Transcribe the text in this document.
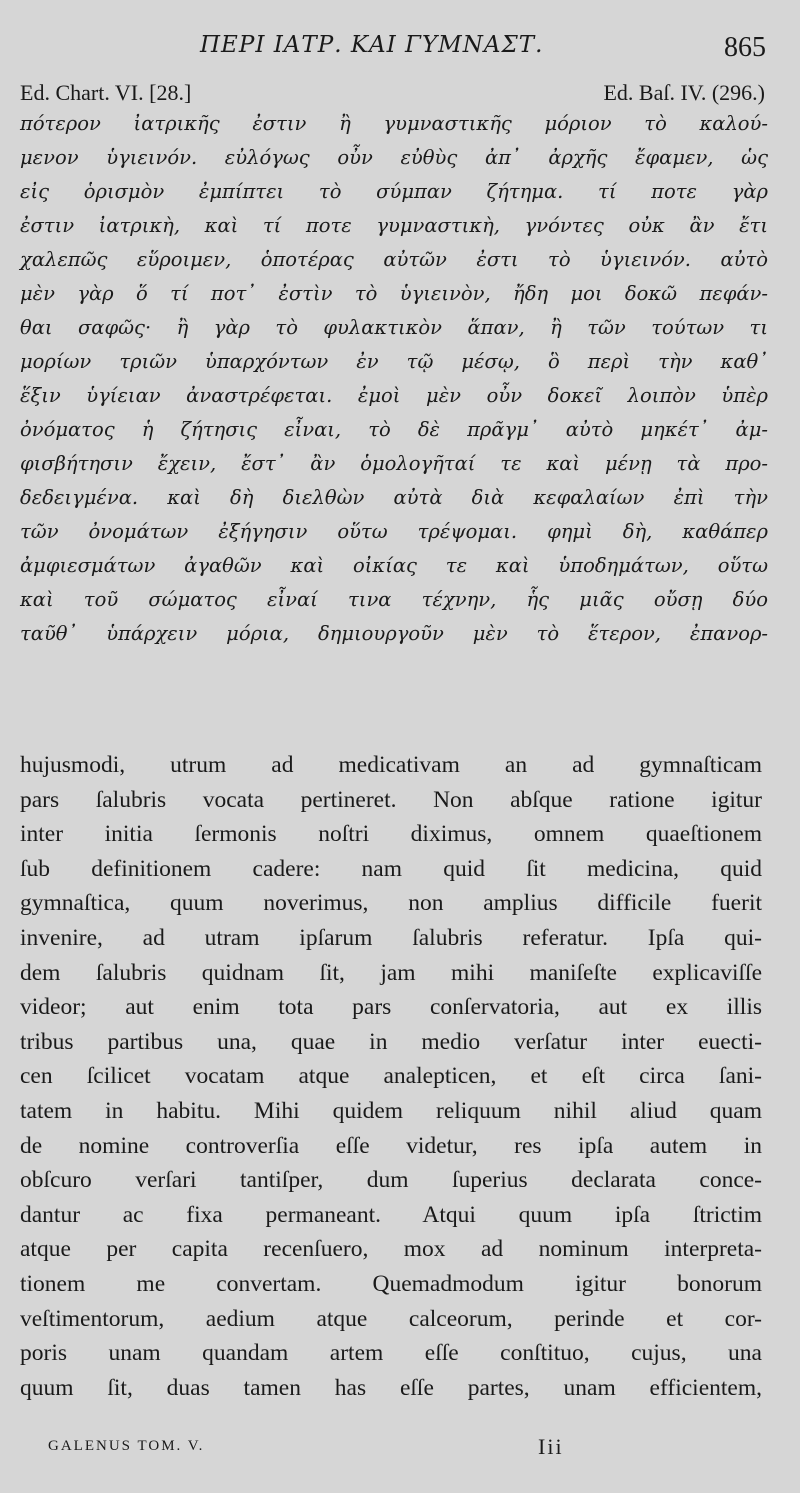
ΠΕΡΙ ΙΑΤΡ. ΚΑΙ ΓΥΜΝΑΣΤ.	865
Ed. Chart. VI. [28.]	Ed. Baſ. IV. (296.)
πότερον ἰατρικῆς ἐστιν ἢ γυμναστικῆς μόριον τὸ καλού-
μενον ὑγιεινόν. εὐλόγως οὖν εὐθὺς ἀπ᾽ ἀρχῆς ἔφαμεν, ὡς
εἰς ὁρισμὸν ἐμπίπτει τὸ σύμπαν ζήτημα. τί ποτε γὰρ
ἐστιν ἰατρικὴ, καὶ τί ποτε γυμναστικὴ, γνόντες οὐκ ἂν ἔτι
χαλεπῶς εὕροιμεν, ὁποτέρας αὐτῶν ἐστι τὸ ὑγιεινόν. αὐτὸ
μὲν γὰρ ὅ τί ποτ᾽ ἐστὶν τὸ ὑγιεινὸν, ἤδη μοι δοκῶ πεφάν-
θαι σαφῶς· ἢ γὰρ τὸ φυλακτικὸν ἅπαν, ἢ τῶν τούτων τι
μορίων τριῶν ὑπαρχόντων ἐν τῷ μέσῳ, ὃ περὶ τὴν καθ᾽
ἕξιν ὑγίειαν ἀναστρέφεται. ἐμοὶ μὲν οὖν δοκεῖ λοιπὸν ὑπὲρ
ὀνόματος ἡ ζήτησις εἶναι, τὸ δὲ πρᾶγμ᾽ αὐτὸ μηκέτ᾽ ἀμ-
φισβήτησιν ἔχειν, ἔστ᾽ ἂν ὁμολογῆταί τε καὶ μένῃ τὰ προ-
δεδειγμένα. καὶ δὴ διελθὼν αὐτὰ διὰ κεφαλαίων ἐπὶ τὴν
τῶν ὀνομάτων ἐξήγησιν οὕτω τρέψομαι. φημὶ δὴ, καθάπερ
ἀμφιεσμάτων ἀγαθῶν καὶ οἰκίας τε καὶ ὑποδημάτων, οὕτω
καὶ τοῦ σώματος εἶναί τινα τέχνην, ἧς μιᾶς οὔσῃ δύο
ταῦθ᾽ ὑπάρχειν μόρια, δημιουργοῦν μὲν τὸ ἕτερον, ἐπανορ-
hujusmodi, utrum ad medicativam an ad gymnaſticam
pars ſalubris vocata pertineret. Non abſque ratione igitur
inter initia ſermonis noſtri diximus, omnem quaeſtionem
ſub definitionem cadere: nam quid ſit medicina, quid
gymnaſtica, quum noverimus, non amplius difficile fuerit
invenire, ad utram ipſarum ſalubris referatur. Ipſa qui-
dem ſalubris quidnam ſit, jam mihi maniſeſte explicaviſſe
videor; aut enim tota pars conſervatoria, aut ex illis
tribus partibus una, quae in medio verſatur inter euecti-
cen ſcilicet vocatam atque analepticen, et eſt circa ſani-
tatem in habitu. Mihi quidem reliquum nihil aliud quam
de nomine controverſia eſſe videtur, res ipſa autem in
obſcuro verſari tantiſper, dum ſuperius declarata conce-
dantur ac fixa permaneant. Atqui quum ipſa ſtrictim
atque per capita recenſuero, mox ad nominum interpreta-
tionem me convertam. Quemadmodum igitur bonorum
veſtimentorum, aedium atque calceorum, perinde et cor-
poris unam quandam artem eſſe conſtituo, cujus, una
quum ſit, duas tamen has eſſe partes, unam efficientem,
GALENUS TOM. V.	Iii
